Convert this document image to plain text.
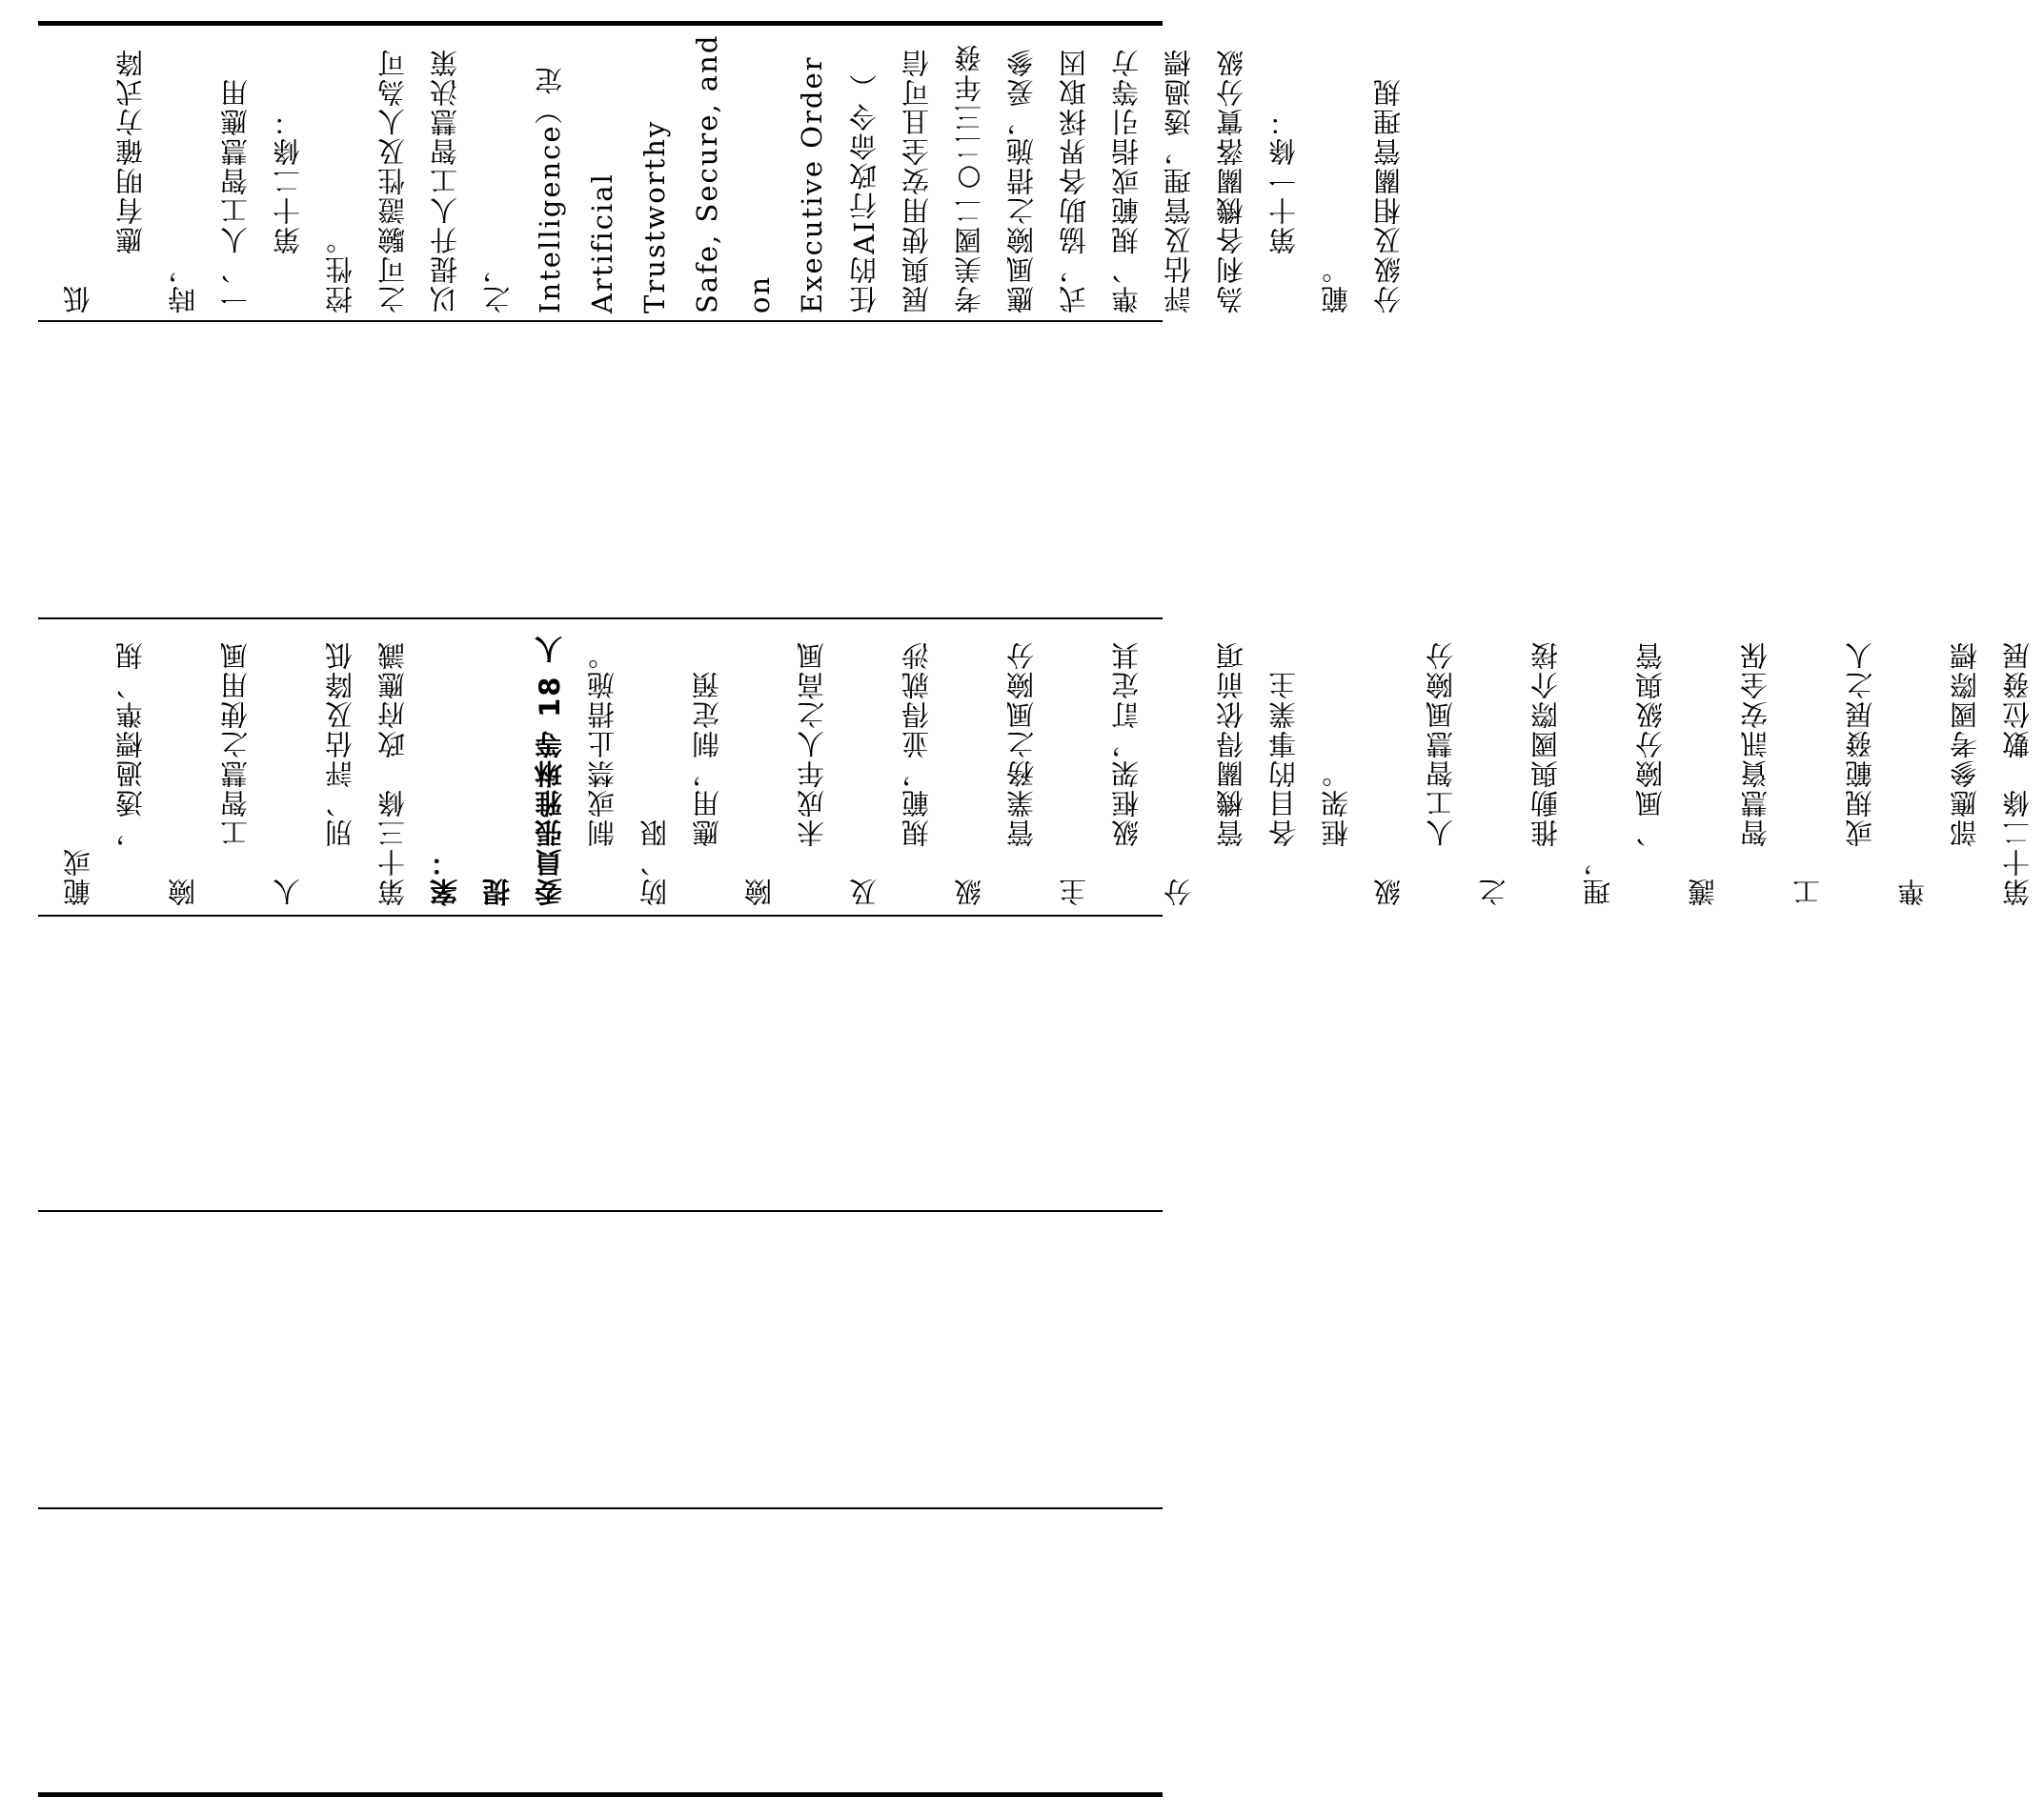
分級及相關管理規
範。
　　第十一條：
為利各機關落實分級
評估及管理，透過標
準、規範或指引等方
式，協助各界採取因
應風險之措施，爰參
考美國二○二三年發
展與使用安全且可信
任的AI行政命令（
Executive Order on
Safe, Secure, and
Trustworthy
Artificial
Intelligence）定之，
以提升人工智慧決策
之可驗證性及人為可
控性。
　　第十二條：
一、人工智慧應用時，
　　應有明確方式降低
第十二條　數位發展
　　部應參考國際標準
　　或規範發展之人工
　　智慧資訊安全保護
　　、風險分級與管理，
　　推動與國際介接之
　　人工智慧風險分級
　　框架。
　　各目的事業主
　　管機關得依前項分
　　級框架，訂定其主
　　管業務之風險分級
　　規範，並得就涉及
　　未成年人之高風險
　　應用，制定預防、限
　　制或禁止措施。
委員張雅琳等 18 人提
案：
第十三條　政府應識
　　別、評估及降低人
　　工智慧之使用風險
　　，透過標準、規範或
